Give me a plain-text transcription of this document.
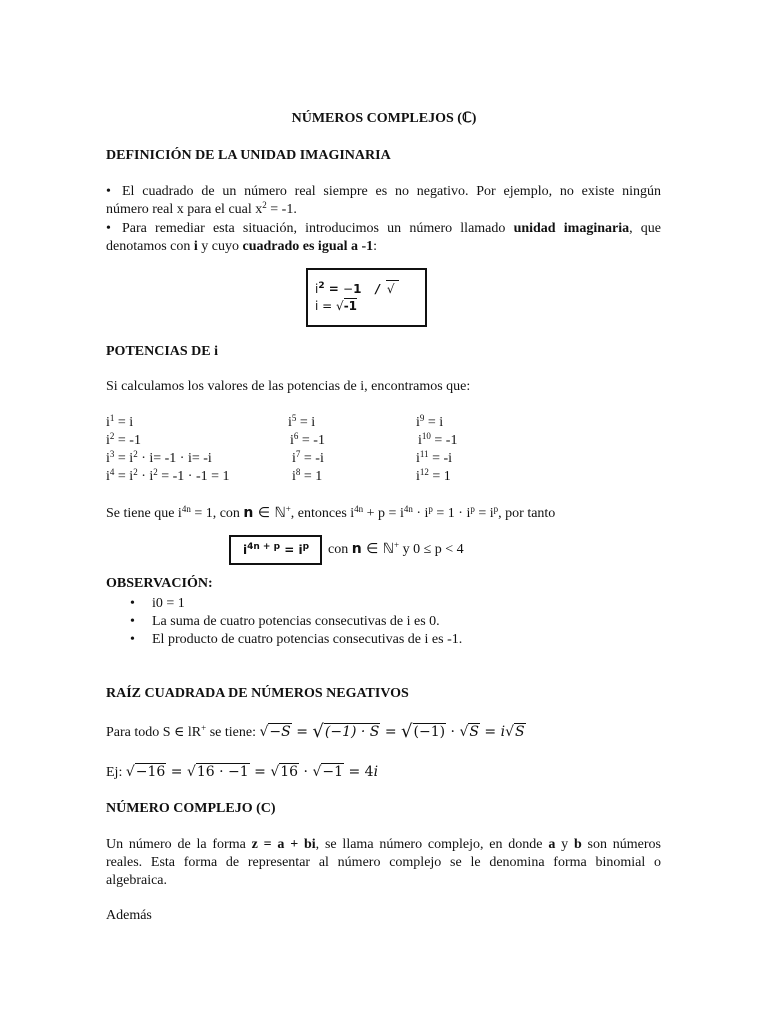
NÚMEROS COMPLEJOS (ℂ)
DEFINICIÓN DE LA UNIDAD IMAGINARIA
• El cuadrado de un número real siempre es no negativo. Por ejemplo, no existe ningún
número real x para el cual $x^2 = -1$.
• Para remediar esta situación, introducimos un número llamado unidad imaginaria, que
denotamos con i y cuyo cuadrado es igual a -1:
$i^2 = -1$ / √
i = √-1
POTENCIAS DE i
Si calculamos los valores de las potencias de i, encontramos que:
$i^1 = i$
$i^2 = -1$
$i^3 = i^2 \cdot i= -1 \cdot i= -i$
$i^4 = i^2 \cdot i^2 = -1 \cdot -1 = 1$
$i^5 = i$
$i^6 = -1$
$i^7 = -i$
$i^8 = 1$
$i^9 = i$
$i^{10} = -1$
$i^{11} = -i$
$i^{12} = 1$
Se tiene que $i^{4n} = 1$, con n ∈ ℕ+, entonces $i^{4n} + p = i^{4n} \cdot i^p = 1 \cdot i^p = i^p$, por tanto
$i^{4n + p} = i^p$	con n ∈ ℕ+ y 0 ≤ p < 4
OBSERVACIÓN:
• i0 = 1
• La suma de cuatro potencias consecutivas de i es 0.
• El producto de cuatro potencias consecutivas de i es -1.
RAÍZ CUADRADA DE NÚMEROS NEGATIVOS
Para todo S ∈ lR+ se tiene: √−S = √(−1) · S = √(−1) · √S = i√S
Ej: √−16 = √16 · −1 = √16 · √−1 = 4i
NÚMERO COMPLEJO (C)
Un número de la forma z = a + bi, se llama número complejo, en donde a y b son números
reales. Esta forma de representar al número complejo se le denomina forma binomial o
algebraica.
Además
